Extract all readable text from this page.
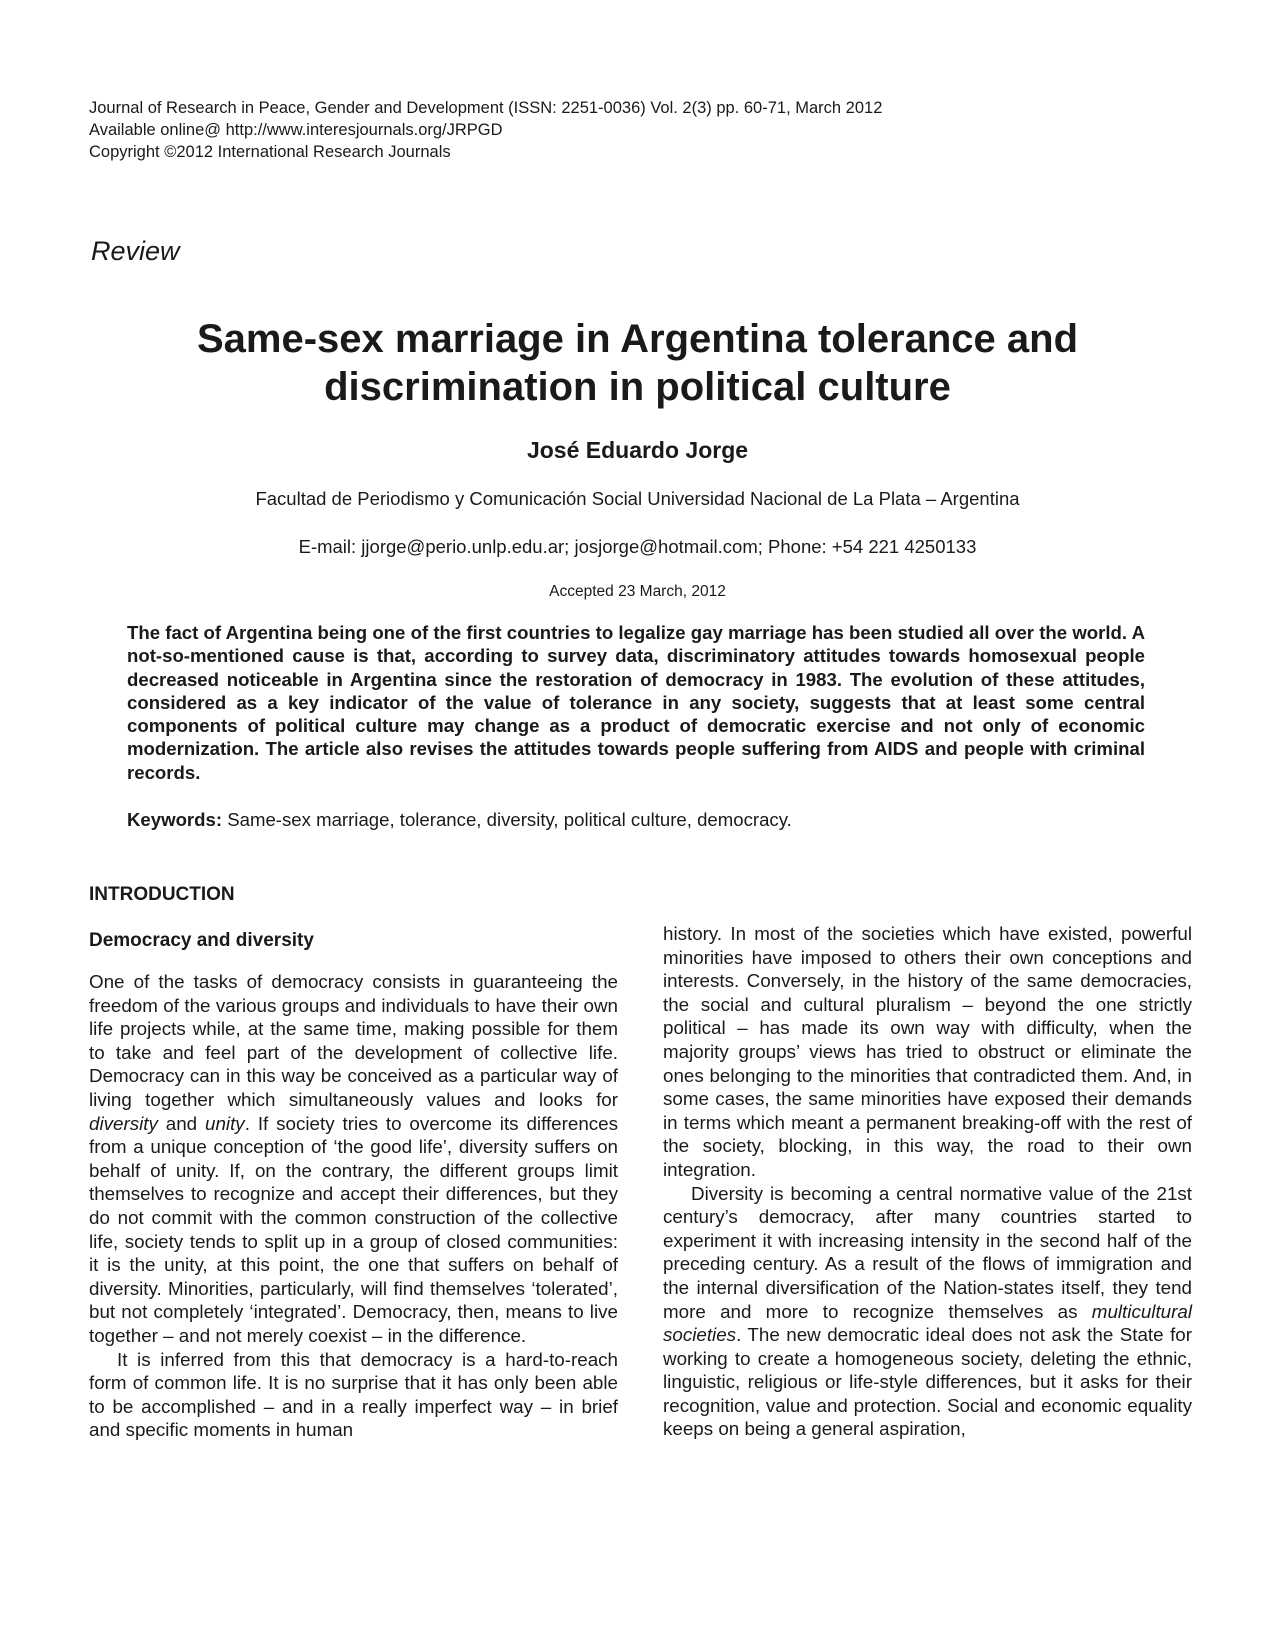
Journal of Research in Peace, Gender and Development (ISSN: 2251-0036) Vol. 2(3) pp. 60-71, March 2012
Available online@ http://www.interesjournals.org/JRPGD
Copyright ©2012 International Research Journals
Review
Same-sex marriage in Argentina tolerance and
discrimination in political culture
José Eduardo Jorge
Facultad de Periodismo y Comunicación Social Universidad Nacional de La Plata – Argentina
E-mail: jjorge@perio.unlp.edu.ar; josjorge@hotmail.com; Phone: +54 221 4250133
Accepted 23 March, 2012

The fact of Argentina being one of the first countries to legalize gay marriage has been studied all over the world. A not-so-mentioned cause is that, according to survey data, discriminatory attitudes towards homosexual people decreased noticeable in Argentina since the restoration of democracy in 1983. The evolution of these attitudes, considered as a key indicator of the value of tolerance in any society, suggests that at least some central components of political culture may change as a product of democratic exercise and not only of economic modernization. The article also revises the attitudes towards people suffering from AIDS and people with criminal records.

Keywords: Same-sex marriage, tolerance, diversity, political culture, democracy.
INTRODUCTION
Democracy and diversity

One of the tasks of democracy consists in guaranteeing the freedom of the various groups and individuals to have their own life projects while, at the same time, making possible for them to take and feel part of the development of collective life. Democracy can in this way be conceived as a particular way of living together which simultaneously values and looks for diversity and unity. If society tries to overcome its differences from a unique conception of ‘the good life’, diversity suffers on behalf of unity. If, on the contrary, the different groups limit themselves to recognize and accept their differences, but they do not commit with the common construction of the collective life, society tends to split up in a group of closed communities: it is the unity, at this point, the one that suffers on behalf of diversity. Minorities, particularly, will find themselves ‘tolerated’, but not completely ‘integrated’. Democracy, then, means to live together – and not merely coexist – in the difference.

It is inferred from this that democracy is a hard-to-reach form of common life. It is no surprise that it has only been able to be accomplished – and in a really imperfect way – in brief and specific moments in human

history. In most of the societies which have existed, powerful minorities have imposed to others their own conceptions and interests. Conversely, in the history of the same democracies, the social and cultural pluralism – beyond the one strictly political – has made its own way with difficulty, when the majority groups’ views has tried to obstruct or eliminate the ones belonging to the minorities that contradicted them. And, in some cases, the same minorities have exposed their demands in terms which meant a permanent breaking-off with the rest of the society, blocking, in this way, the road to their own integration.

Diversity is becoming a central normative value of the 21st century’s democracy, after many countries started to experiment it with increasing intensity in the second half of the preceding century. As a result of the flows of immigration and the internal diversification of the Nation-states itself, they tend more and more to recognize themselves as multicultural societies. The new democratic ideal does not ask the State for working to create a homogeneous society, deleting the ethnic, linguistic, religious or life-style differences, but it asks for their recognition, value and protection. Social and economic equality keeps on being a general aspiration,
